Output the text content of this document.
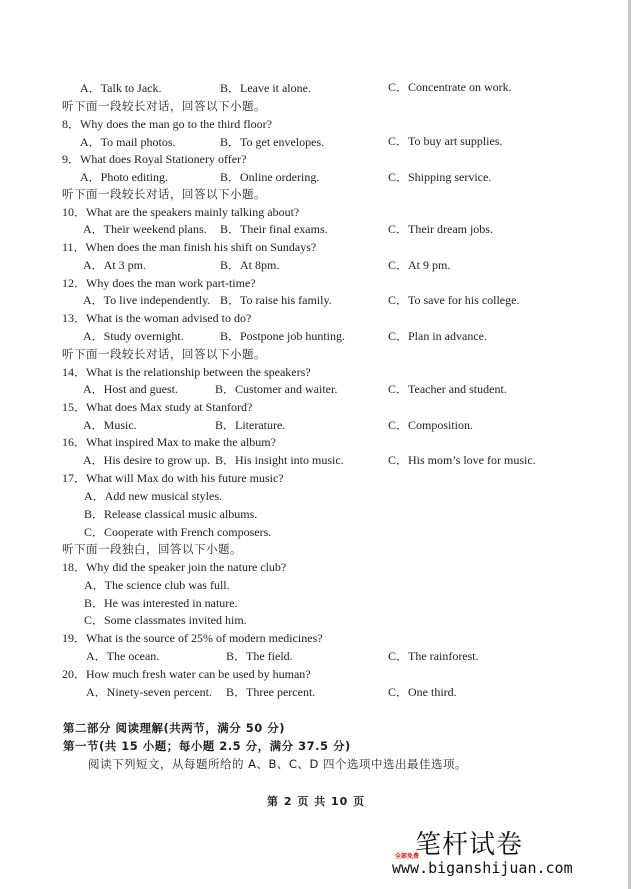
A．Talk to Jack.	B．Leave it alone.	C．Concentrate on work.
听下面一段较长对话，回答以下小题。
8．Why does the man go to the third floor?
A．To mail photos.	B．To get envelopes.	C．To buy art supplies.
9．What does Royal Stationery offer?
A．Photo editing.	B．Online ordering.	C．Shipping service.
听下面一段较长对话，回答以下小题。
10．What are the speakers mainly talking about?
A．Their weekend plans. B．Their final exams.	C．Their dream jobs.
11．When does the man finish his shift on Sundays?
A．At 3 pm.	B．At 8pm.	C．At 9 pm.
12．Why does the man work part-time?
A．To live independently. B．To raise his family.	C．To save for his college.
13．What is the woman advised to do?
A．Study overnight.	B．Postpone job hunting.	C．Plan in advance.
听下面一段较长对话，回答以下小题。
14．What is the relationship between the speakers?
A．Host and guest.	B．Customer and waiter.	C．Teacher and student.
15．What does Max study at Stanford?
A．Music.	B．Literature.	C．Composition.
16．What inspired Max to make the album?
A．His desire to grow up. B．His insight into music.	C．His mom’s love for music.
17．What will Max do with his future music?
A．Add new musical styles.
B．Release classical music albums.
C．Cooperate with French composers.
听下面一段独白，回答以下小题。
18．Why did the speaker join the nature club?
A．The science club was full.
B．He was interested in nature.
C．Some classmates invited him.
19．What is the source of 25% of modern medicines?
A．The ocean.	B．The field.	C．The rainforest.
20．How much fresh water can be used by human?
A．Ninety-seven percent. B．Three percent.	C．One third.
第二部分 阅读理解(共两节，满分 50 分)
第一节(共 15 小题；每小题 2.5 分，满分 37.5 分)
阅读下列短文，从每题所给的 A、B、C、D 四个选项中选出最佳选项。
第 2 页 共 10 页
笔杆试卷
全部免费
www.biganshijuan.com
